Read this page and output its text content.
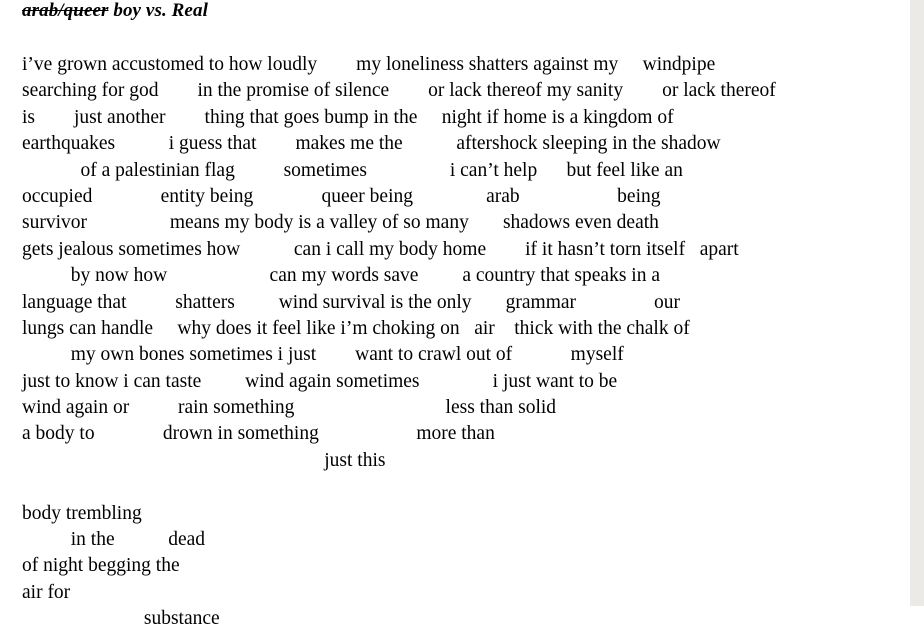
arab/queer boy vs. Real
i’ve grown accustomed to how loudly        my loneliness shatters against my     windpipe
searching for god        in the promise of silence        or lack thereof my sanity        or lack thereof
is        just another        thing that goes bump in the     night if home is a kingdom of
earthquakes           i guess that        makes me the           aftershock sleeping in the shadow
of a palestinian flag          sometimes                 i can’t help      but feel like an
occupied              entity being              queer being               arab                    being
survivor                 means my body is a valley of so many       shadows even death
gets jealous sometimes how           can i call my body home        if it hasn’t torn itself   apart
by now how                     can my words save         a country that speaks in a
language that          shatters         wind survival is the only       grammar                our
lungs can handle     why does it feel like i’m choking on   air    thick with the chalk of
my own bones sometimes i just        want to crawl out of            myself
just to know i can taste         wind again sometimes               i just want to be
wind again or          rain something                               less than solid
a body to              drown in something                    more than
just this
body trembling
in the           dead
of night begging the
air for
substance
